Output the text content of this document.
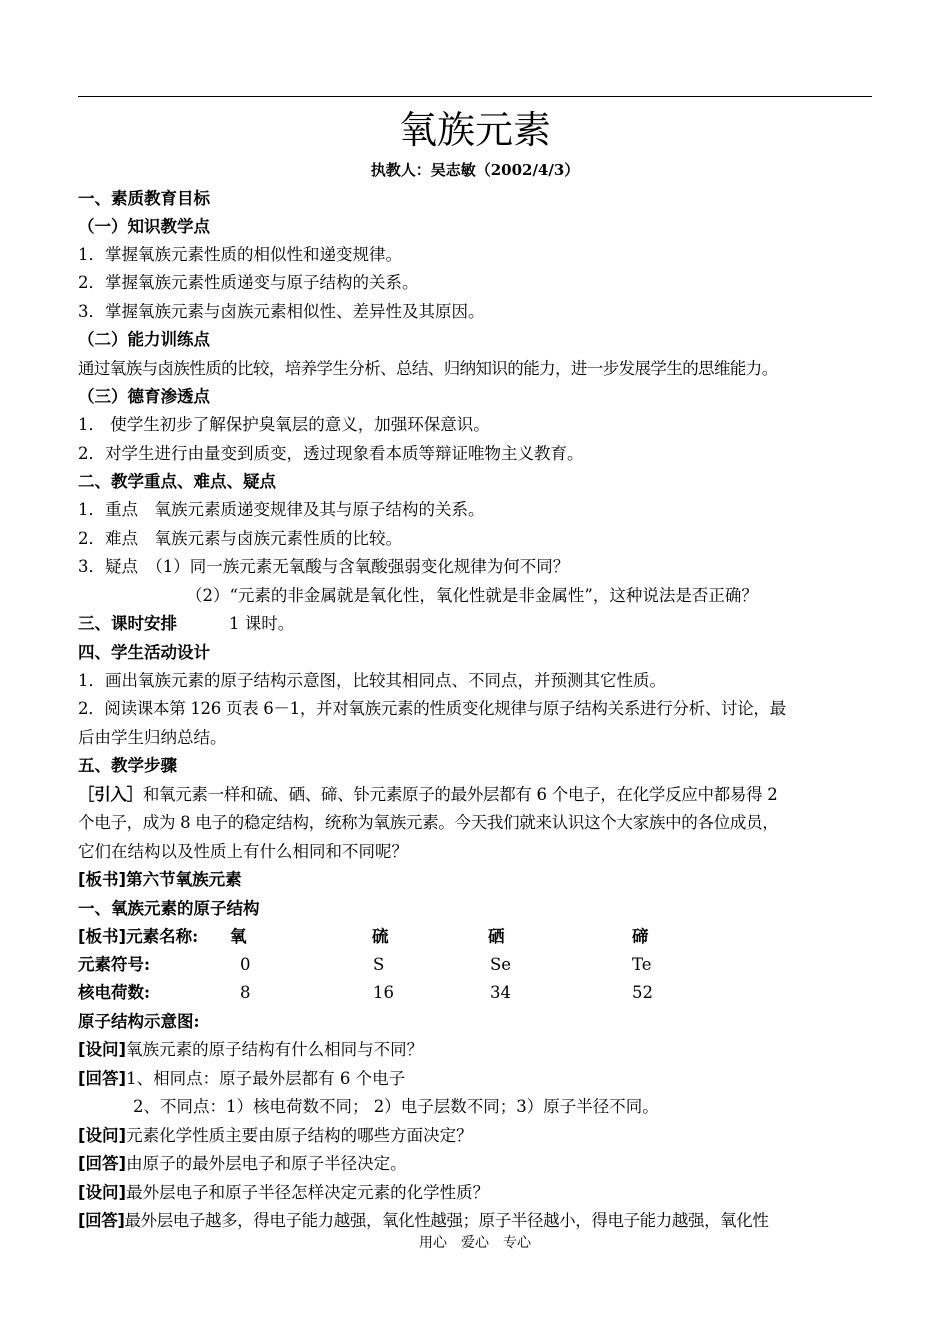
氧族元素
执教人：吴志敏（2002/4/3）
一、素质教育目标
（一）知识教学点
1．掌握氧族元素性质的相似性和递变规律。
2．掌握氧族元素性质递变与原子结构的关系。
3．掌握氧族元素与卤族元素相似性、差异性及其原因。
（二）能力训练点
通过氧族与卤族性质的比较，培养学生分析、总结、归纳知识的能力，进一步发展学生的思维能力。
（三）德育渗透点
1． 使学生初步了解保护臭氧层的意义，加强环保意识。
2．对学生进行由量变到质变，透过现象看本质等辩证唯物主义教育。
二、教学重点、难点、疑点
1．重点　氧族元素质递变规律及其与原子结构的关系。
2．难点　氧族元素与卤族元素性质的比较。
3．疑点　（1）同一族元素无氧酸与含氧酸强弱变化规律为何不同？
（2）“元素的非金属就是氧化性，氧化性就是非金属性”，这种说法是否正确？
三、课时安排	1 课时。
四、学生活动设计
1．画出氧族元素的原子结构示意图，比较其相同点、不同点，并预测其它性质。
2．阅读课本第 126 页表 6－1，并对氧族元素的性质变化规律与原子结构关系进行分析、讨论，最
后由学生归纳总结。
五、教学步骤
［引入］和氧元素一样和硫、硒、碲、钋元素原子的最外层都有 6 个电子，在化学反应中都易得 2
个电子，成为 8 电子的稳定结构，统称为氧族元素。今天我们就来认识这个大家族中的各位成员，
它们在结构以及性质上有什么相同和不同呢？
[板书]第六节氧族元素
一、氧族元素的原子结构
[板书]元素名称: 氧	硫	硒	碲
元素符号:	0	S	Se	Te
核电荷数:	8	16	34	52
原子结构示意图:
[设问]氧族元素的原子结构有什么相同与不同？
[回答]1、相同点：原子最外层都有 6 个电子
2、不同点：1）核电荷数不同； 2）电子层数不同；3）原子半径不同。
[设问]元素化学性质主要由原子结构的哪些方面决定？
[回答]由原子的最外层电子和原子半径决定。
[设问]最外层电子和原子半径怎样决定元素的化学性质？
[回答]最外层电子越多，得电子能力越强，氧化性越强；原子半径越小，得电子能力越强，氧化性
用心　爱心　专心
